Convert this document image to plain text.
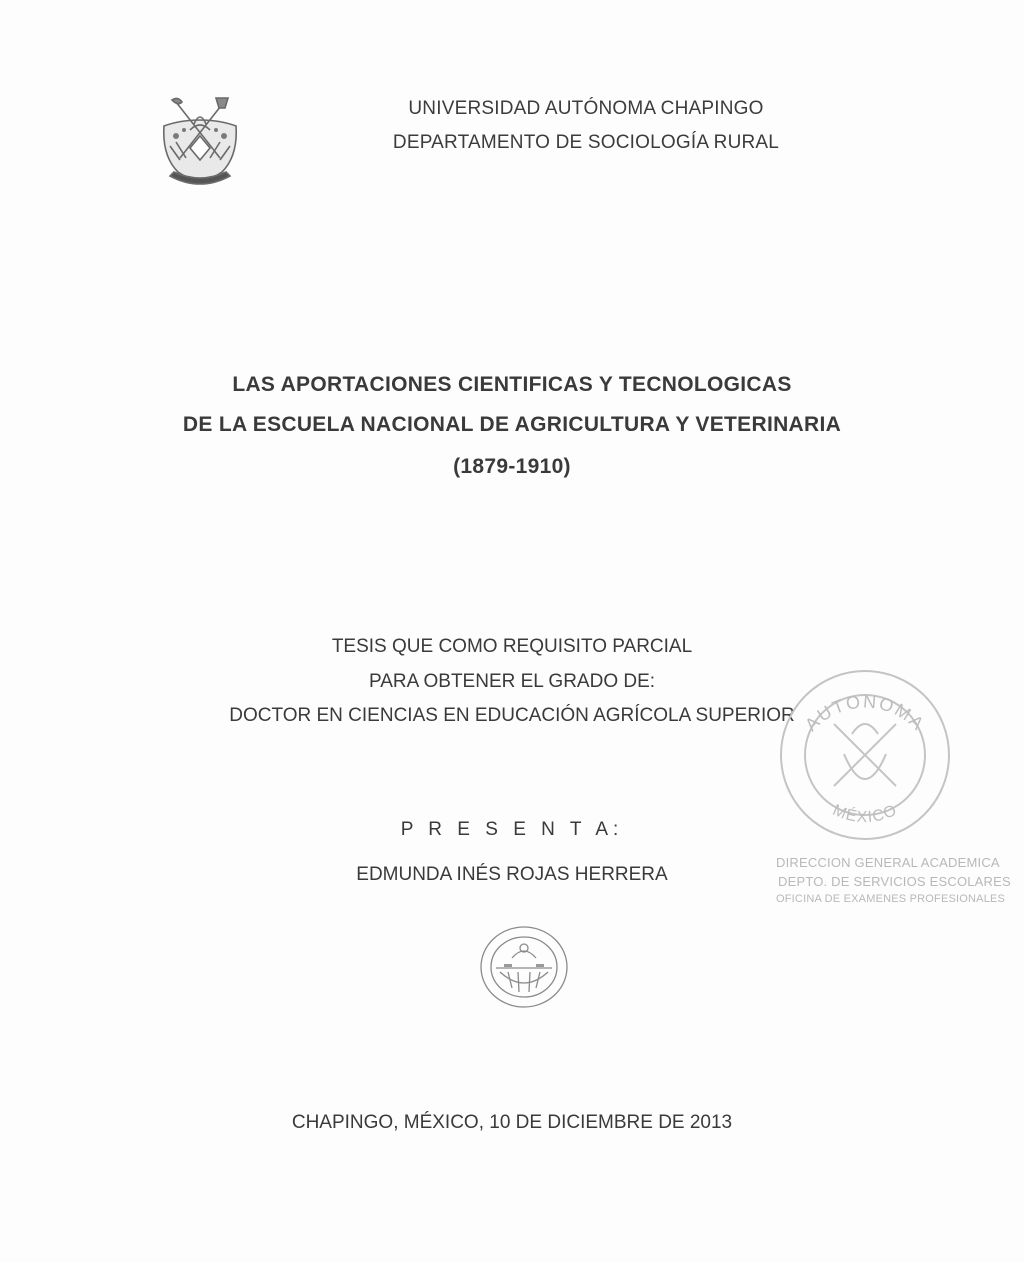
UNIVERSIDAD AUTÓNOMA CHAPINGO
DEPARTAMENTO DE SOCIOLOGÍA RURAL
LAS APORTACIONES CIENTIFICAS Y TECNOLOGICAS
DE LA ESCUELA NACIONAL DE AGRICULTURA Y VETERINARIA
(1879-1910)
TESIS QUE COMO REQUISITO PARCIAL
PARA OBTENER EL GRADO DE:
DOCTOR EN CIENCIAS EN EDUCACIÓN AGRÍCOLA SUPERIOR
P R E S E N T A:
EDMUNDA INÉS ROJAS HERRERA
AUTONOMA
MÉXICO
DIRECCION GENERAL ACADEMICA
DEPTO. DE SERVICIOS ESCOLARES
OFICINA DE EXAMENES PROFESIONALES
CHAPINGO, MÉXICO, 10 DE DICIEMBRE DE 2013
